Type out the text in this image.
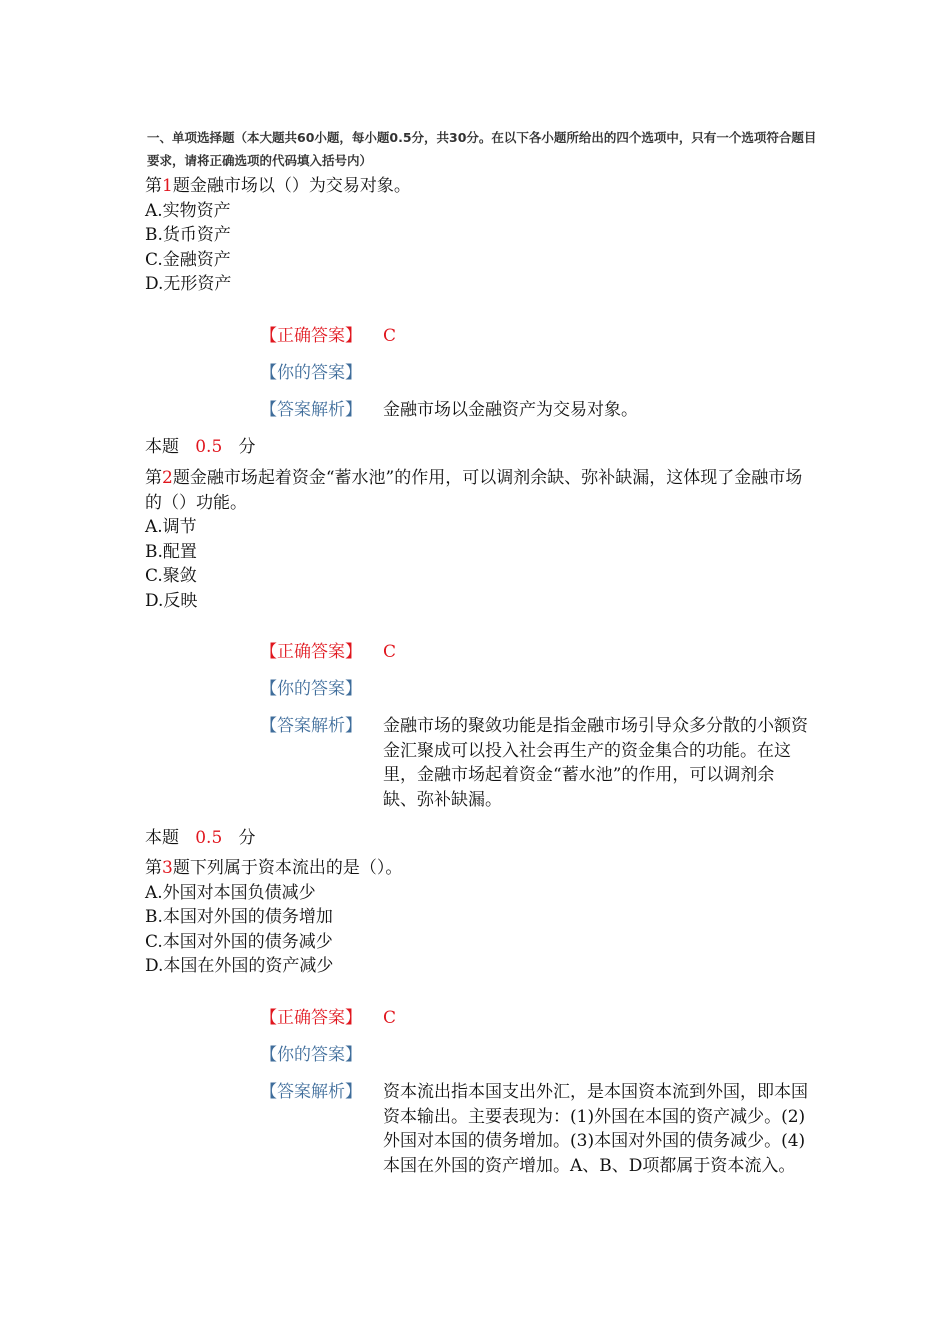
一、单项选择题（本大题共60小题，每小题0.5分，共30分。在以下各小题所给出的四个选项中，只有一个选项符合题目要求，请将正确选项的代码填入括号内）
第1题金融市场以（）为交易对象。
A.实物资产
B.货币资产
C.金融资产
D.无形资产
【正确答案】 C
【你的答案】
【答案解析】 金融市场以金融资产为交易对象。
本题 0.5 分
第2题金融市场起着资金“蓄水池”的作用，可以调剂余缺、弥补缺漏，这体现了金融市场的（）功能。
A.调节
B.配置
C.聚敛
D.反映
【正确答案】 C
【你的答案】
【答案解析】 金融市场的聚敛功能是指金融市场引导众多分散的小额资金汇聚成可以投入社会再生产的资金集合的功能。在这里，金融市场起着资金“蓄水池”的作用，可以调剂余缺、弥补缺漏。
本题 0.5 分
第3题下列属于资本流出的是（）。
A.外国对本国负债减少
B.本国对外国的债务增加
C.本国对外国的债务减少
D.本国在外国的资产减少
【正确答案】 C
【你的答案】
【答案解析】 资本流出指本国支出外汇，是本国资本流到外国，即本国资本输出。主要表现为：(1)外国在本国的资产减少。(2)外国对本国的债务增加。(3)本国对外国的债务减少。(4)本国在外国的资产增加。A、B、D项都属于资本流入。
